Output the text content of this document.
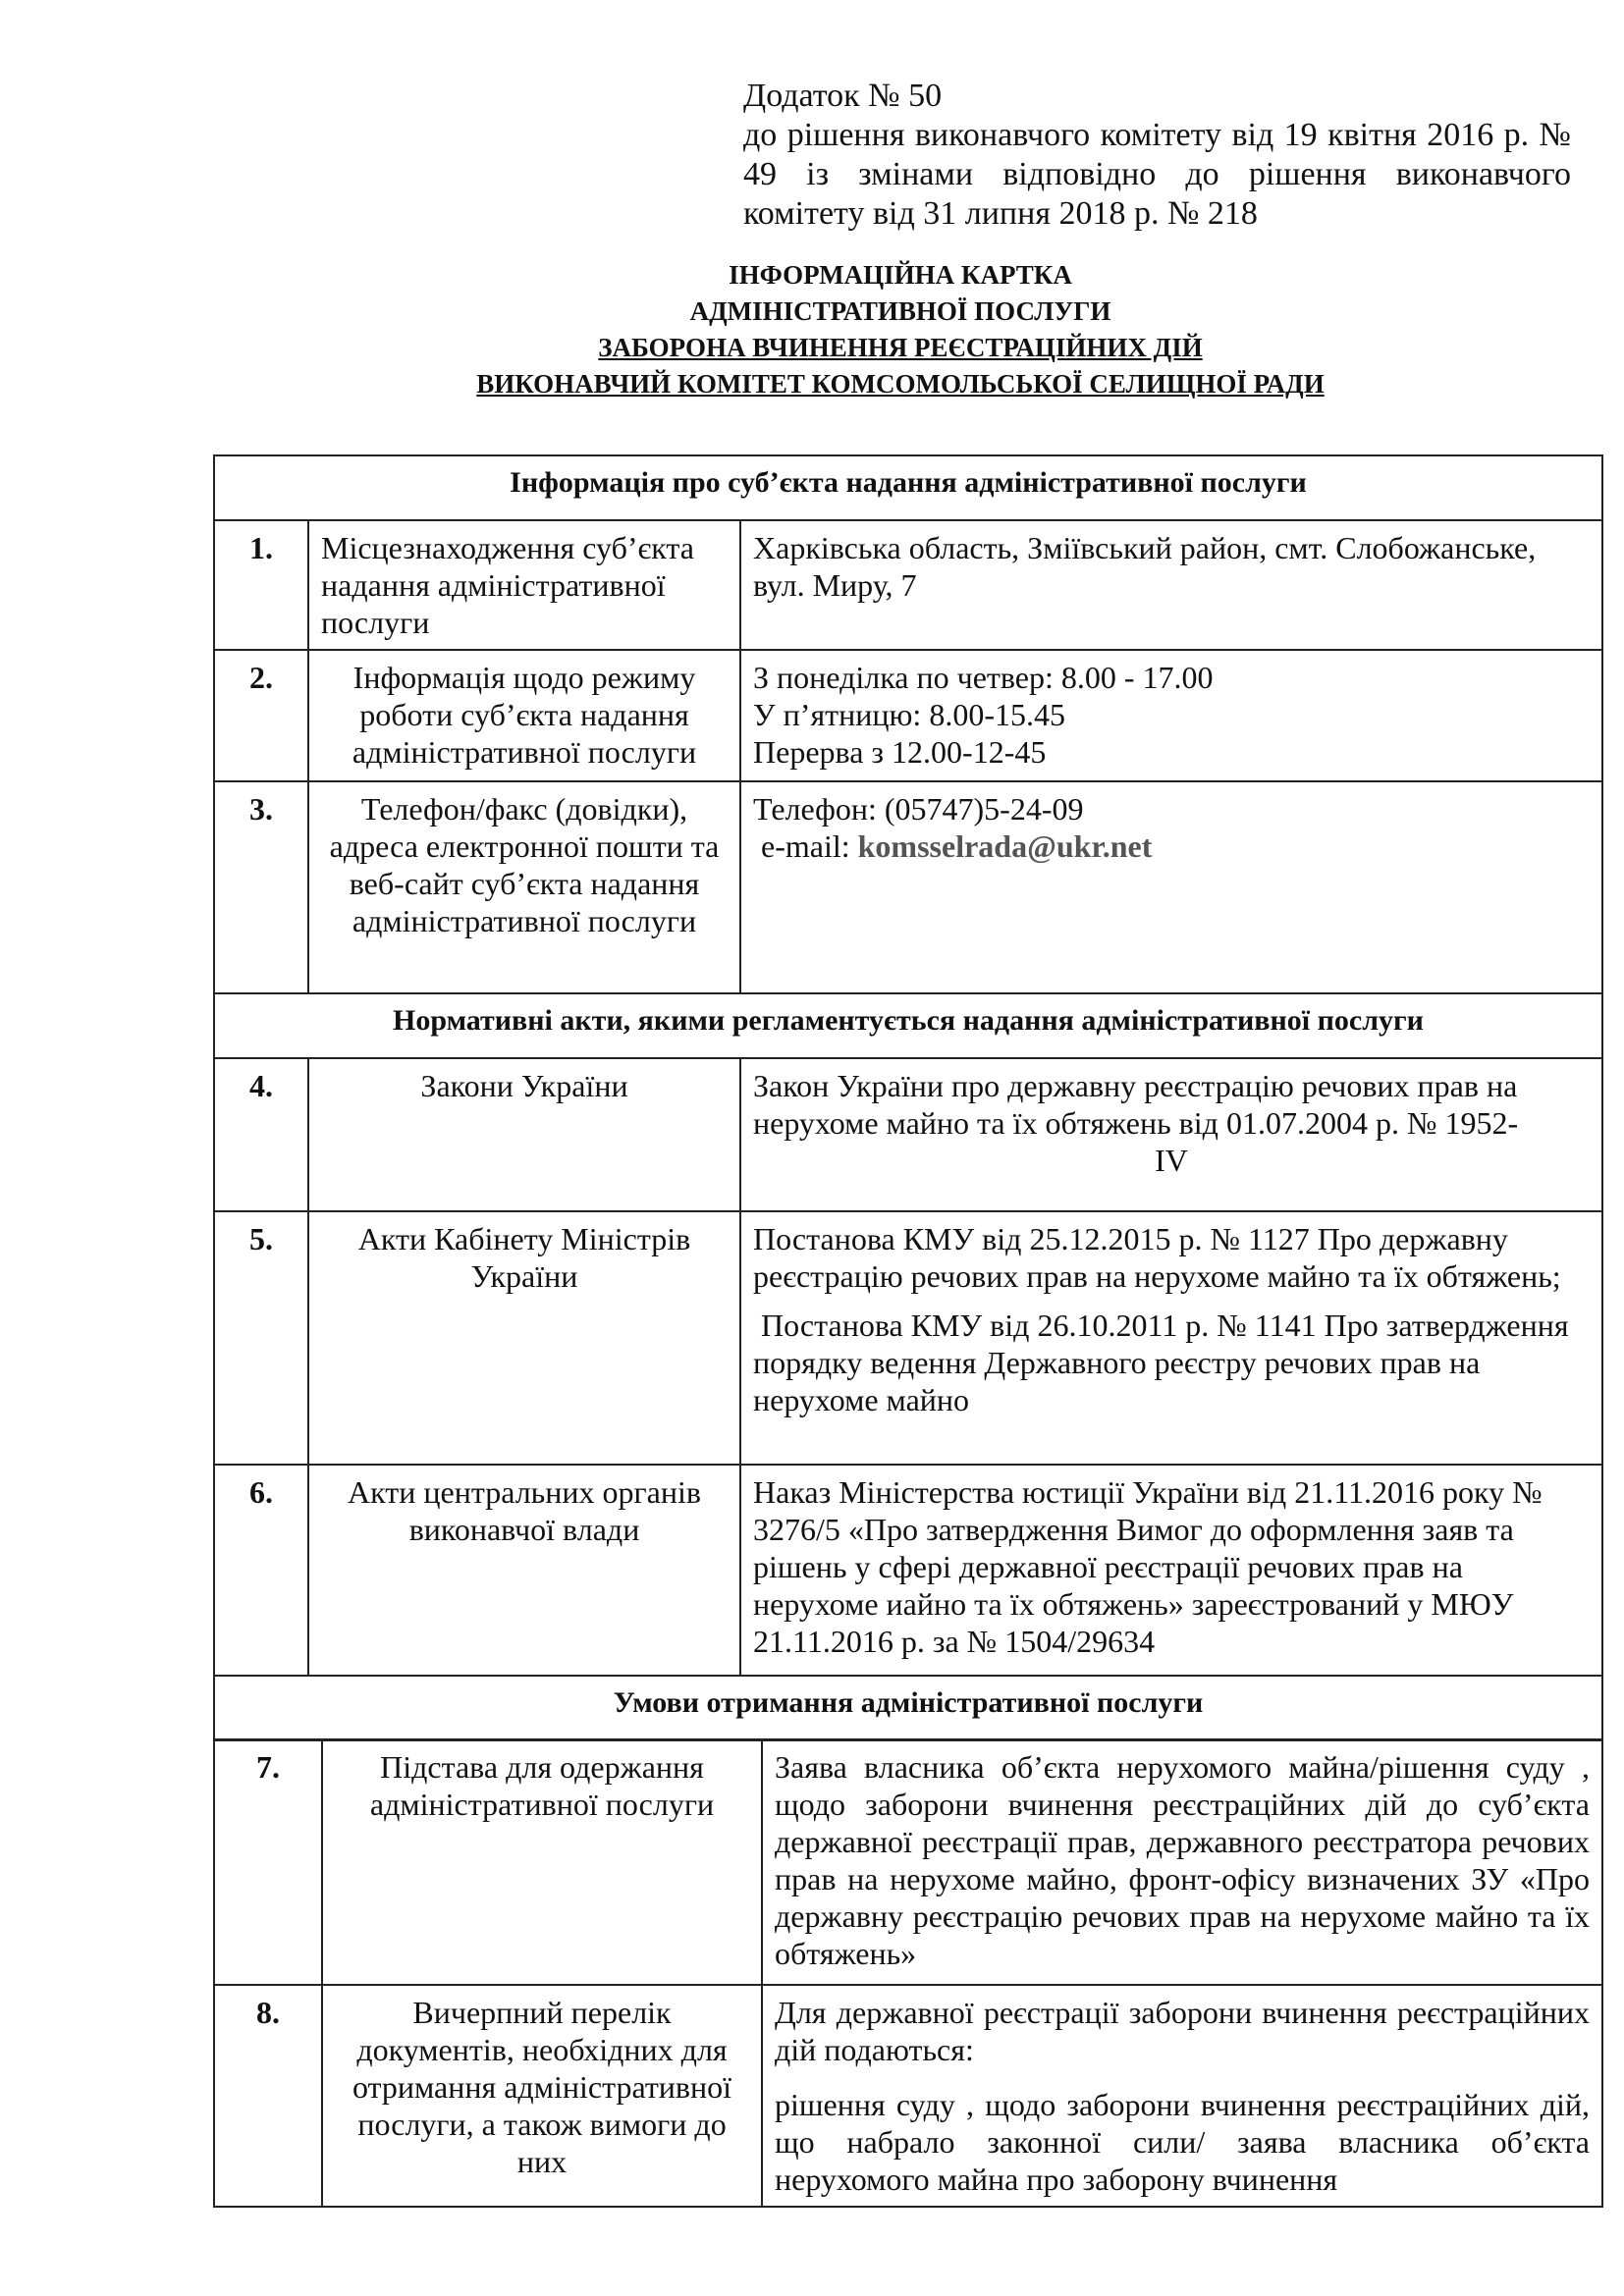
Додаток № 50

до рішення виконавчого комітету від 19 квітня 2016 р. № 49 із змінами відповідно до рішення виконавчого комітету від 31 липня 2018 р. № 218

ІНФОРМАЦІЙНА КАРТКА
АДМІНІСТРАТИВНОЇ ПОСЛУГИ
ЗАБОРОНА ВЧИНЕННЯ РЕЄСТРАЦІЙНИХ ДІЙ
ВИКОНАВЧИЙ КОМІТЕТ КОМСОМОЛЬСЬКОЇ СЕЛИЩНОЇ РАДИ
Інформація про суб’єкта надання адміністративної послуги		
1.	Місцезнаходження суб’єкта надання адміністративної послуги	Харківська область, Зміївський район, смт. Слобожанське, вул. Миру, 7
2.	Інформація щодо режиму роботи суб’єкта надання адміністративної послуги	З понеділка по четвер: 8.00 - 17.00
У п’ятницю: 8.00-15.45
Перерва з 12.00-12-45

3.	Телефон/факс (довідки), адреса електронної пошти та веб-сайт суб’єкта надання адміністративної послуги	Телефон: (05747)5-24-09
e-mail: komsselrada@ukr.net

Нормативні акти, якими регламентується надання адміністративної послуги		
4.	Закони України	Закон України про державну реєстрацію речових прав на нерухоме майно та їх обтяжень від 01.07.2004 р. № 1952-
IV

5.	Акти Кабінету Міністрів України	Постанова КМУ від 25.12.2015 р. № 1127 Про державну реєстрацію речових прав на нерухоме майно та їх обтяжень;
Постанова КМУ від 26.10.2011 р. № 1141 Про затвердження порядку ведення Державного реєстру речових прав на нерухоме майно

6.	Акти центральних органів виконавчої влади	Наказ Міністерства юстиції України від 21.11.2016 року № 3276/5 «Про затвердження Вимог до оформлення заяв та рішень у сфері державної реєстрації речових прав на нерухоме иайно та їх обтяжень» зареєстрований у МЮУ 21.11.2016 р. за № 1504/29634
Умови отримання адміністративної послуги		
7.	Підстава для одержання адміністративної послуги	Заява власника об’єкта нерухомого майна/рішення суду , щодо заборони вчинення реєстраційних дій до суб’єкта державної реєстрації прав, державного реєстратора речових прав на нерухоме майно, фронт-офісу визначених ЗУ «Про державну реєстрацію речових прав на нерухоме майно та їх обтяжень»
8.	Вичерпний перелік документів, необхідних для отримання адміністративної послуги, а також вимоги до них	Для державної реєстрації заборони вчинення реєстраційних дій подаються:
рішення суду , щодо заборони вчинення реєстраційних дій, що набрало законної сили/ заява власника об’єкта нерухомого майна про заборону вчинення
